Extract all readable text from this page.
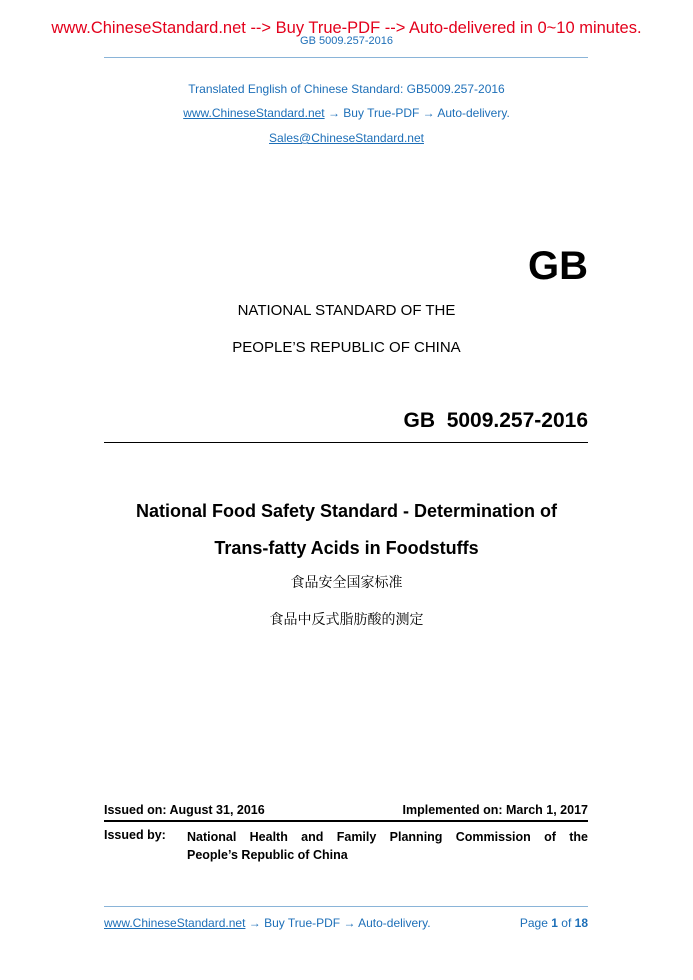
www.ChineseStandard.net --> Buy True-PDF --> Auto-delivered in 0~10 minutes.
GB 5009.257-2016
Translated English of Chinese Standard: GB5009.257-2016
www.ChineseStandard.net → Buy True-PDF → Auto-delivery.
Sales@ChineseStandard.net
GB
NATIONAL STANDARD OF THE
PEOPLE’S REPUBLIC OF CHINA
GB  5009.257-2016
National Food Safety Standard - Determination of
Trans-fatty Acids in Foodstuffs
食品安全国家标准
食品中反式脂肪酸的测定
Issued on: August 31, 2016	Implemented on: March 1, 2017
Issued by: National Health and Family Planning Commission of the
People’s Republic of China
www.ChineseStandard.net → Buy True-PDF → Auto-delivery.	Page 1 of 18
